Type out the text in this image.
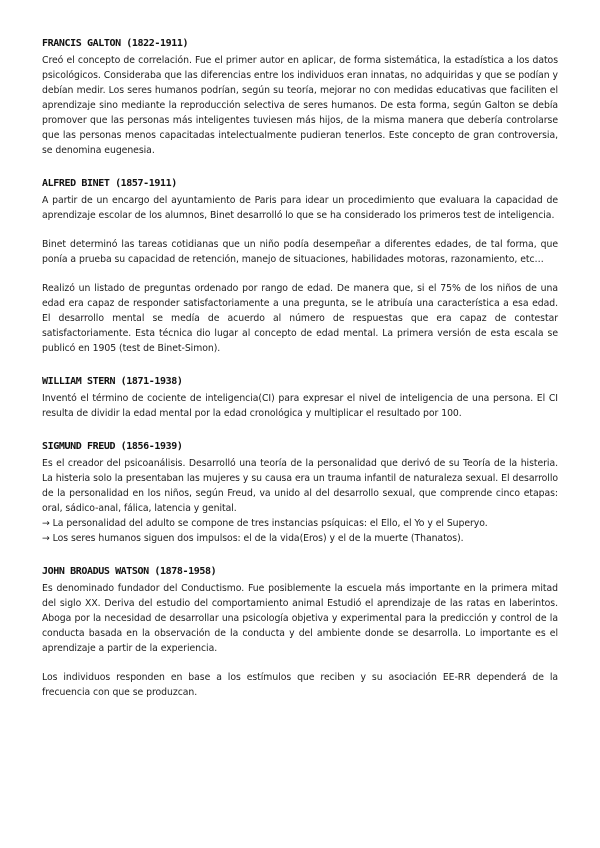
FRANCIS GALTON (1822-1911)

Creó el concepto de correlación. Fue el primer autor en aplicar, de forma sistemática, la estadística a los datos psicológicos. Consideraba que las diferencias entre los individuos eran innatas, no adquiridas y que se podían y debían medir. Los seres humanos podrían, según su teoría, mejorar no con medidas educativas que faciliten el aprendizaje sino mediante la reproducción selectiva de seres humanos. De esta forma, según Galton se debía promover que las personas más inteligentes tuviesen más hijos, de la misma manera que debería controlarse que las personas menos capacitadas intelectualmente pudieran tenerlos. Este concepto de gran controversia, se denomina eugenesia.

ALFRED BINET (1857-1911)

A partir de un encargo del ayuntamiento de Paris para idear un procedimiento que evaluara la capacidad de aprendizaje escolar de los alumnos, Binet desarrolló lo que se ha considerado los primeros test de inteligencia.

Binet determinó las tareas cotidianas que un niño podía desempeñar a diferentes edades, de tal forma, que ponía a prueba su capacidad de retención, manejo de situaciones, habilidades motoras, razonamiento, etc…

Realizó un listado de preguntas ordenado por rango de edad. De manera que, si el 75% de los niños de una edad era capaz de responder satisfactoriamente a una pregunta, se le atribuía una característica a esa edad. El desarrollo mental se medía de acuerdo al número de respuestas que era capaz de contestar satisfactoriamente. Esta técnica dio lugar al concepto de edad mental. La primera versión de esta escala se publicó en 1905 (test de Binet-Simon).

WILLIAM STERN (1871-1938)

Inventó el término de cociente de inteligencia(CI) para expresar el nivel de inteligencia de una persona. El CI resulta de dividir la edad mental por la edad cronológica y multiplicar el resultado por 100.

SIGMUND FREUD (1856-1939)

Es el creador del psicoanálisis. Desarrolló una teoría de la personalidad que derivó de su Teoría de la histeria. La histeria solo la presentaban las mujeres y su causa era un trauma infantil de naturaleza sexual. El desarrollo de la personalidad en los niños, según Freud, va unido al del desarrollo sexual, que comprende cinco etapas: oral, sádico-anal, fálica, latencia y genital.

→ La personalidad del adulto se compone de tres instancias psíquicas: el Ello, el Yo y el Superyo.

→ Los seres humanos siguen dos impulsos: el de la vida(Eros) y el de la muerte (Thanatos).

JOHN BROADUS WATSON (1878-1958)

Es denominado fundador del Conductismo. Fue posiblemente la escuela más importante en la primera mitad del siglo XX. Deriva del estudio del comportamiento animal Estudió el aprendizaje de las ratas en laberintos. Aboga por la necesidad de desarrollar una psicología objetiva y experimental para la predicción y control de la conducta basada en la observación de la conducta y del ambiente donde se desarrolla. Lo importante es el aprendizaje a partir de la experiencia.

Los individuos responden en base a los estímulos que reciben y su asociación EE-RR dependerá de la frecuencia con que se produzcan.
